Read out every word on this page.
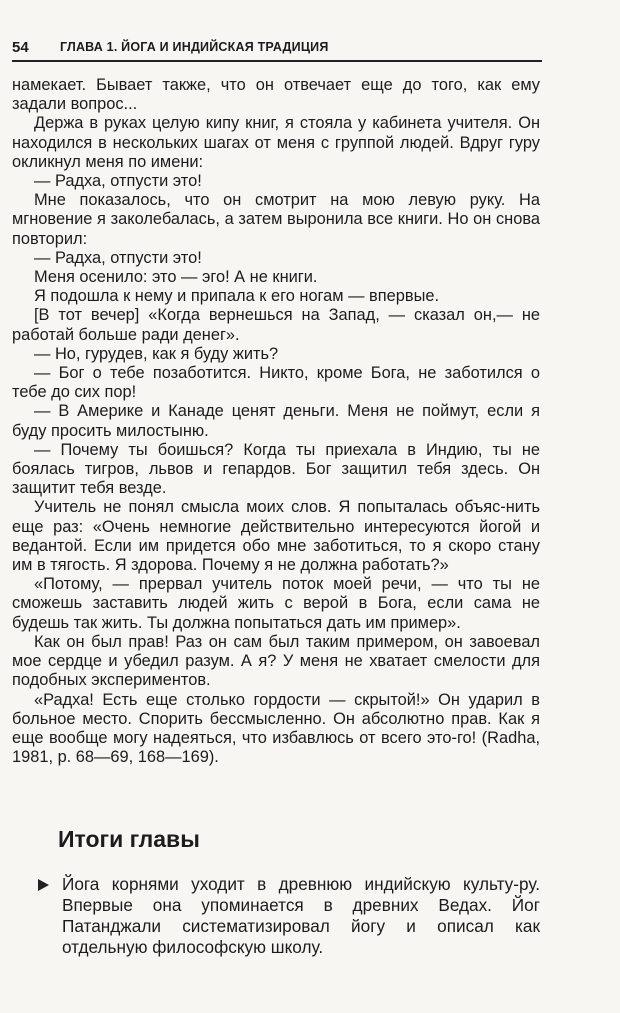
54	ГЛАВА 1. ЙОГА И ИНДИЙСКАЯ ТРАДИЦИЯ

намекает. Бывает также, что он отвечает еще до того, как ему задали вопрос...

Держа в руках целую кипу книг, я стояла у кабинета учителя. Он находился в нескольких шагах от меня с группой людей. Вдруг гуру окликнул меня по имени:

— Радха, отпусти это!

Мне показалось, что он смотрит на мою левую руку. На мгновение я заколебалась, а затем выронила все книги. Но он снова повторил:

— Радха, отпусти это!

Меня осенило: это — эго! А не книги.

Я подошла к нему и припала к его ногам — впервые.

[В тот вечер] «Когда вернешься на Запад, — сказал он,— не работай больше ради денег».

— Но, гурудев, как я буду жить?

— Бог о тебе позаботится. Никто, кроме Бога, не заботился о тебе до сих пор!

— В Америке и Канаде ценят деньги. Меня не поймут, если я буду просить милостыню.

— Почему ты боишься? Когда ты приехала в Индию, ты не боялась тигров, львов и гепардов. Бог защитил тебя здесь. Он защитит тебя везде.

Учитель не понял смысла моих слов. Я попыталась объяс-нить еще раз: «Очень немногие действительно интересуются йогой и ведантой. Если им придется обо мне заботиться, то я скоро стану им в тягость. Я здорова. Почему я не должна работать?»

«Потому, — прервал учитель поток моей речи, — что ты не сможешь заставить людей жить с верой в Бога, если сама не будешь так жить. Ты должна попытаться дать им пример».

Как он был прав! Раз он сам был таким примером, он завоевал мое сердце и убедил разум. А я? У меня не хватает смелости для подобных экспериментов.

«Радха! Есть еще столько гордости — скрытой!» Он ударил в больное место. Спорить бессмысленно. Он абсолютно прав. Как я еще вообще могу надеяться, что избавлюсь от всего это-го! (Radha, 1981, p. 68—69, 168—169).

Итоги главы
Йога корнями уходит в древнюю индийскую культу-ру. Впервые она упоминается в древних Ведах. Йог Патанджали систематизировал йогу и описал как отдельную философскую школу.
